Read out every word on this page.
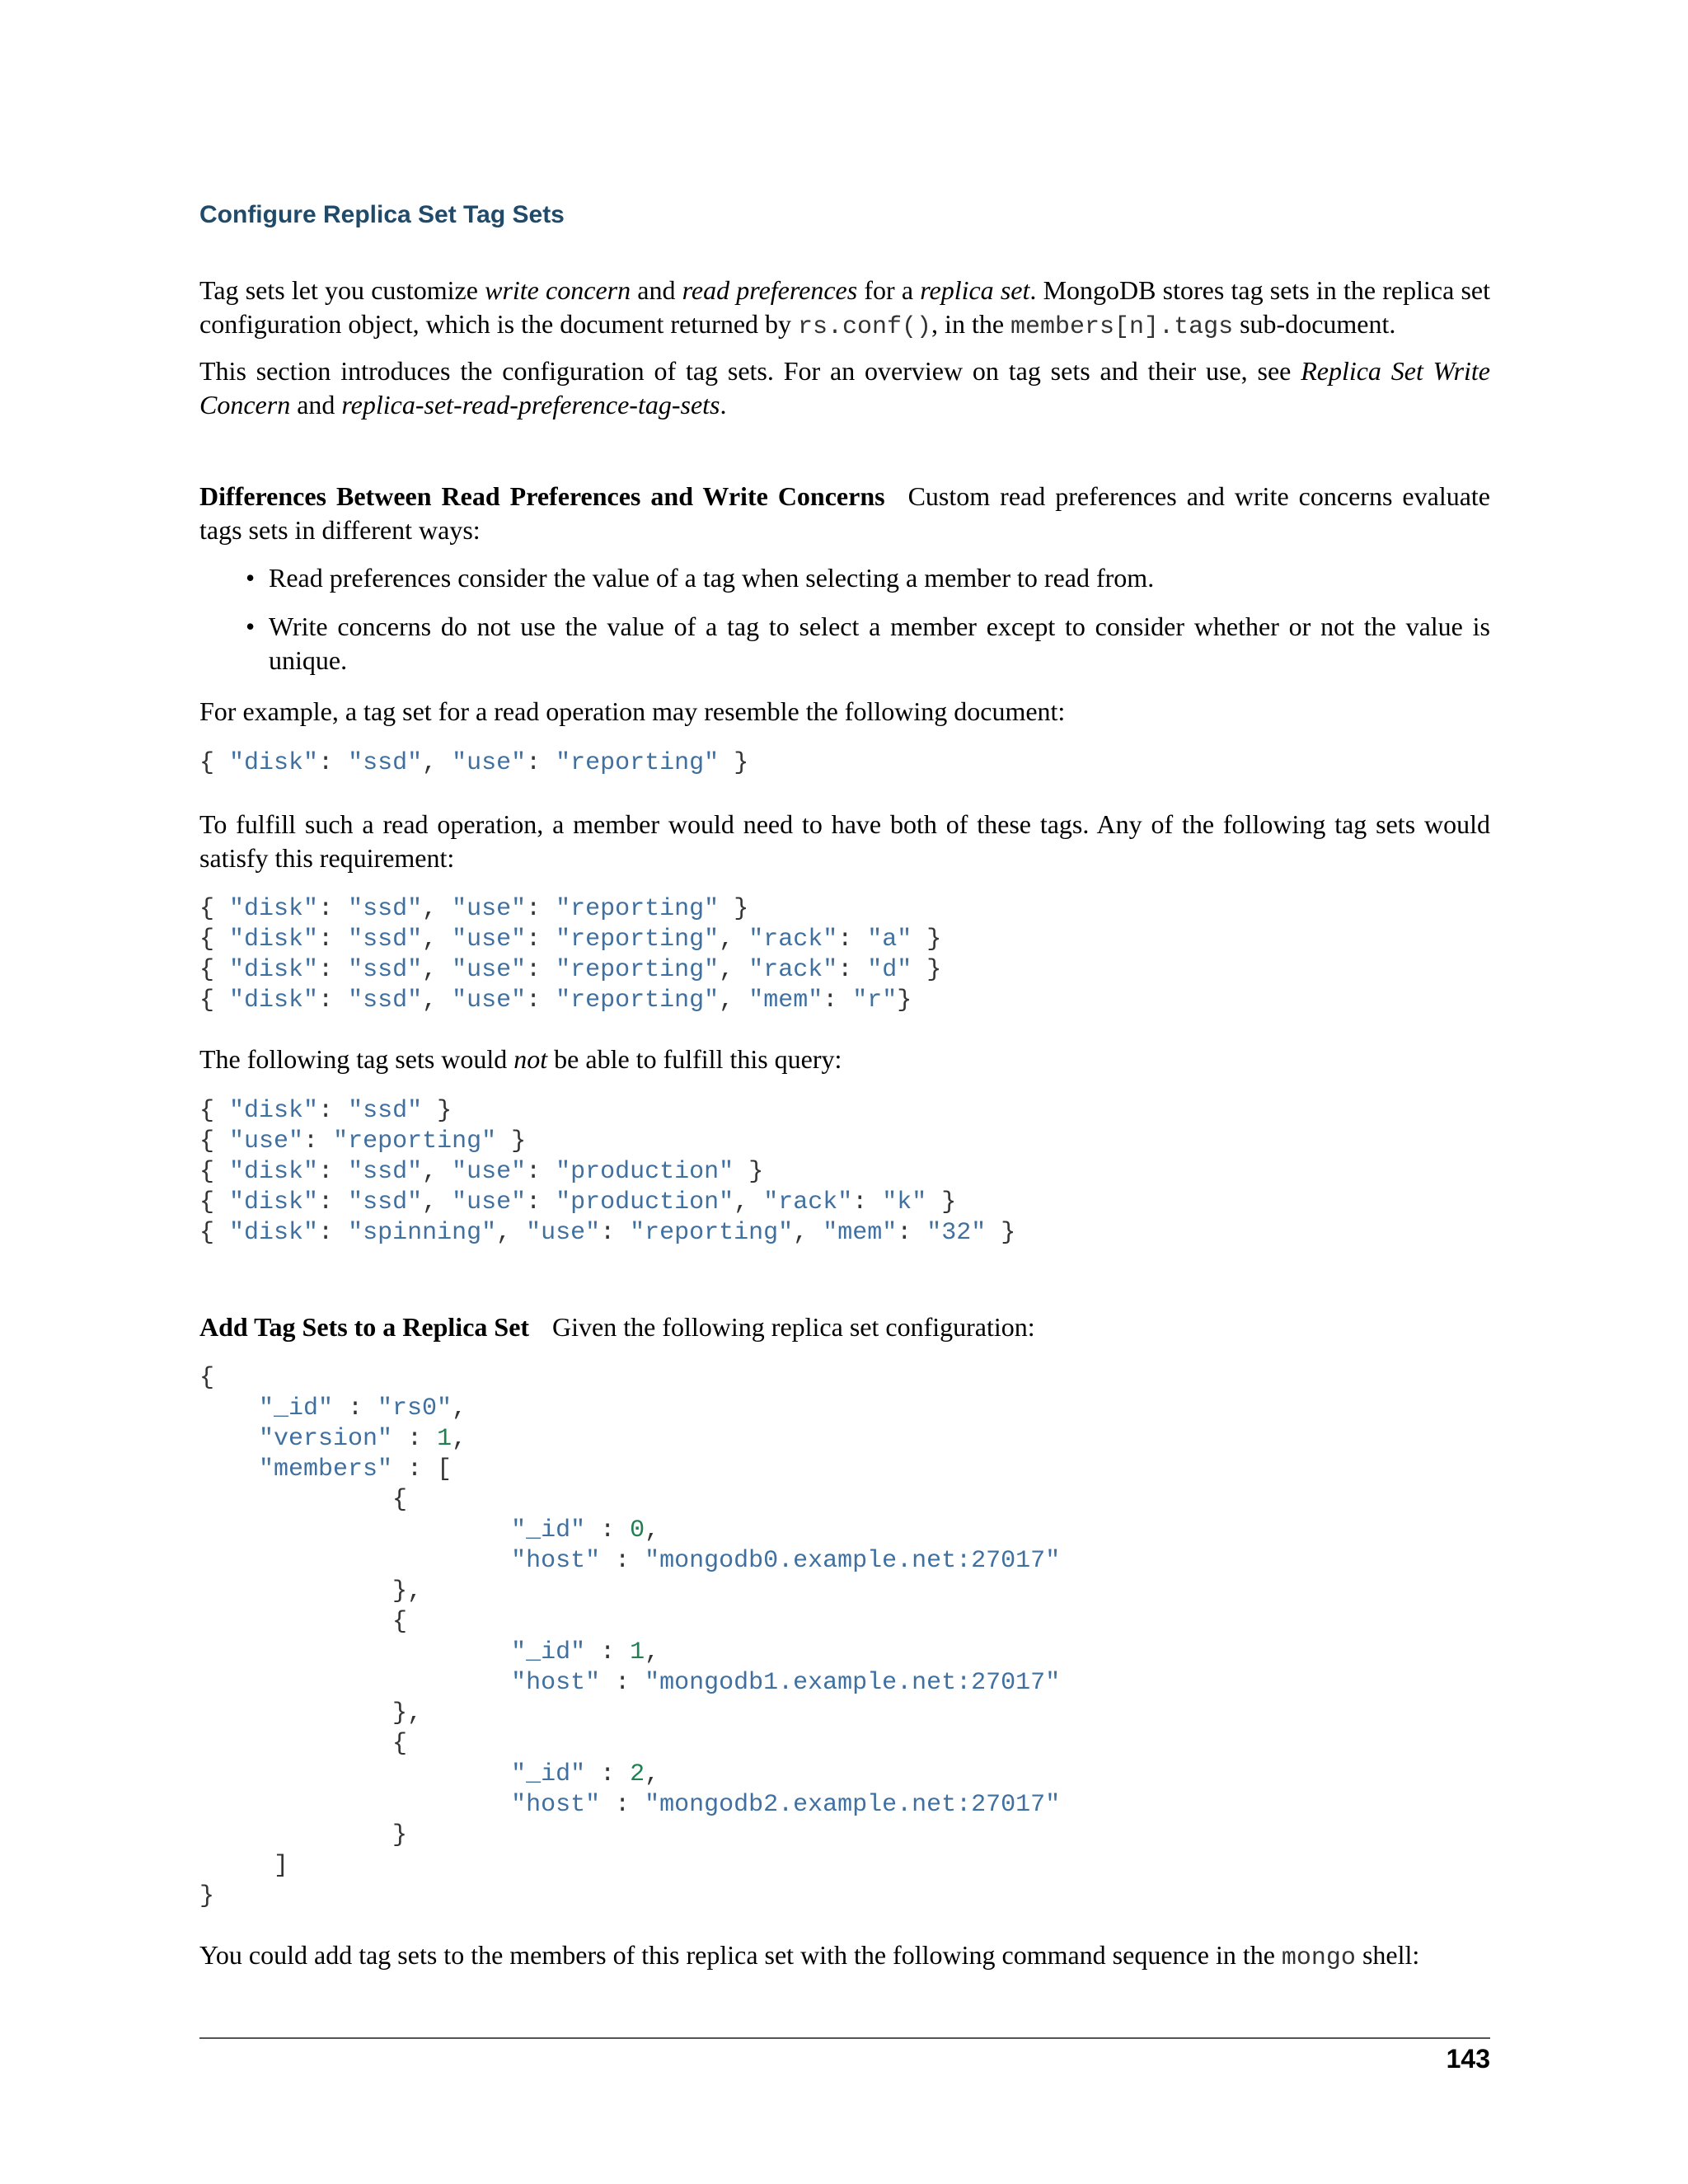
Configure Replica Set Tag Sets

Tag sets let you customize write concern and read preferences for a replica set. MongoDB stores tag sets in the replica set configuration object, which is the document returned by rs.conf(), in the members[n].tags sub-document.

This section introduces the configuration of tag sets. For an overview on tag sets and their use, see Replica Set Write Concern and replica-set-read-preference-tag-sets.

Differences Between Read Preferences and Write Concerns Custom read preferences and write concerns evaluate tags sets in different ways:

• Read preferences consider the value of a tag when selecting a member to read from.
• Write concerns do not use the value of a tag to select a member except to consider whether or not the value is unique.

For example, a tag set for a read operation may resemble the following document:

{ "disk": "ssd", "use": "reporting" }

To fulfill such a read operation, a member would need to have both of these tags. Any of the following tag sets would satisfy this requirement:

{ "disk": "ssd", "use": "reporting" }
{ "disk": "ssd", "use": "reporting", "rack": "a" }
{ "disk": "ssd", "use": "reporting", "rack": "d" }
{ "disk": "ssd", "use": "reporting", "mem": "r"}

The following tag sets would not be able to fulfill this query:

{ "disk": "ssd" }
{ "use": "reporting" }
{ "disk": "ssd", "use": "production" }
{ "disk": "ssd", "use": "production", "rack": "k" }
{ "disk": "spinning", "use": "reporting", "mem": "32" }

Add Tag Sets to a Replica Set Given the following replica set configuration:

{
"_id" : "rs0",
"version" : 1,
"members" : [
{
"_id" : 0,
"host" : "mongodb0.example.net:27017"
},
{
"_id" : 1,
"host" : "mongodb1.example.net:27017"
},
{
"_id" : 2,
"host" : "mongodb2.example.net:27017"
}
]
}

You could add tag sets to the members of this replica set with the following command sequence in the mongo shell:

143
